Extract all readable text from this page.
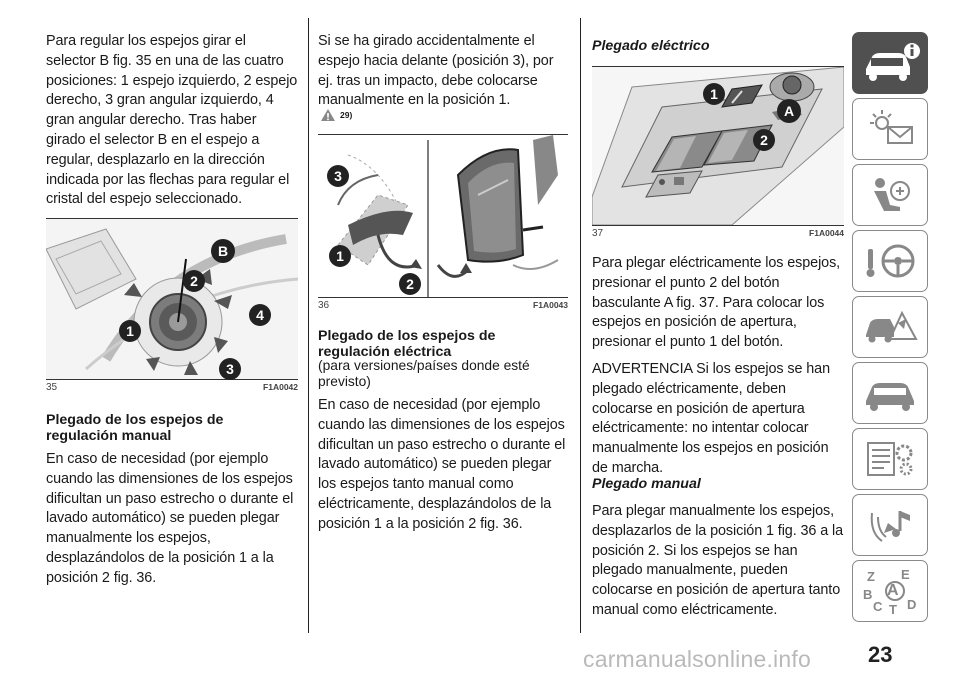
Para regular los espejos girar el selector B fig. 35 en una de las cuatro posiciones: 1 espejo izquierdo, 2 espejo derecho, 3 gran angular izquierdo, 4 gran angular derecho. Tras haber girado el selector B en el espejo a regular, desplazarlo en la dirección indicada por las flechas para regular el cristal del espejo seleccionado.

35	F1A0042
B
2
4
1
3
Plegado de los espejos de regulación manual

En caso de necesidad (por ejemplo cuando las dimensiones de los espejos dificultan un paso estrecho o durante el lavado automático) se pueden plegar manualmente los espejos, desplazándolos de la posición 1 a la posición 2 fig. 36.

Si se ha girado accidentalmente el espejo hacia delante (posición 3), por ej. tras un impacto, debe colocarse manualmente en la posición 1.

29)
36	F1A0043
3
1
2
Plegado de los espejos de regulación eléctrica

(para versiones/países donde esté previsto)

En caso de necesidad (por ejemplo cuando las dimensiones de los espejos dificultan un paso estrecho o durante el lavado automático) se pueden plegar los espejos tanto manual como eléctricamente, desplazándolos de la posición 1 a la posición 2 fig. 36.

Plegado eléctrico
37	F1A0044
1
A
2

Para plegar eléctricamente los espejos, presionar el punto 2 del botón basculante A fig. 37. Para colocar los espejos en posición de apertura, presionar el punto 1 del botón.

ADVERTENCIA Si los espejos se han plegado eléctricamente, deben colocarse en posición de apertura eléctricamente: no intentar colocar manualmente los espejos en posición de marcha.

Plegado manual

Para plegar manualmente los espejos, desplazarlos de la posición 1 fig. 36 a la posición 2. Si los espejos se han plegado manualmente, pueden colocarse en posición de apertura tanto manual como eléctricamente.

Z E
A
B
C D
T
23
carmanualsonline.info
